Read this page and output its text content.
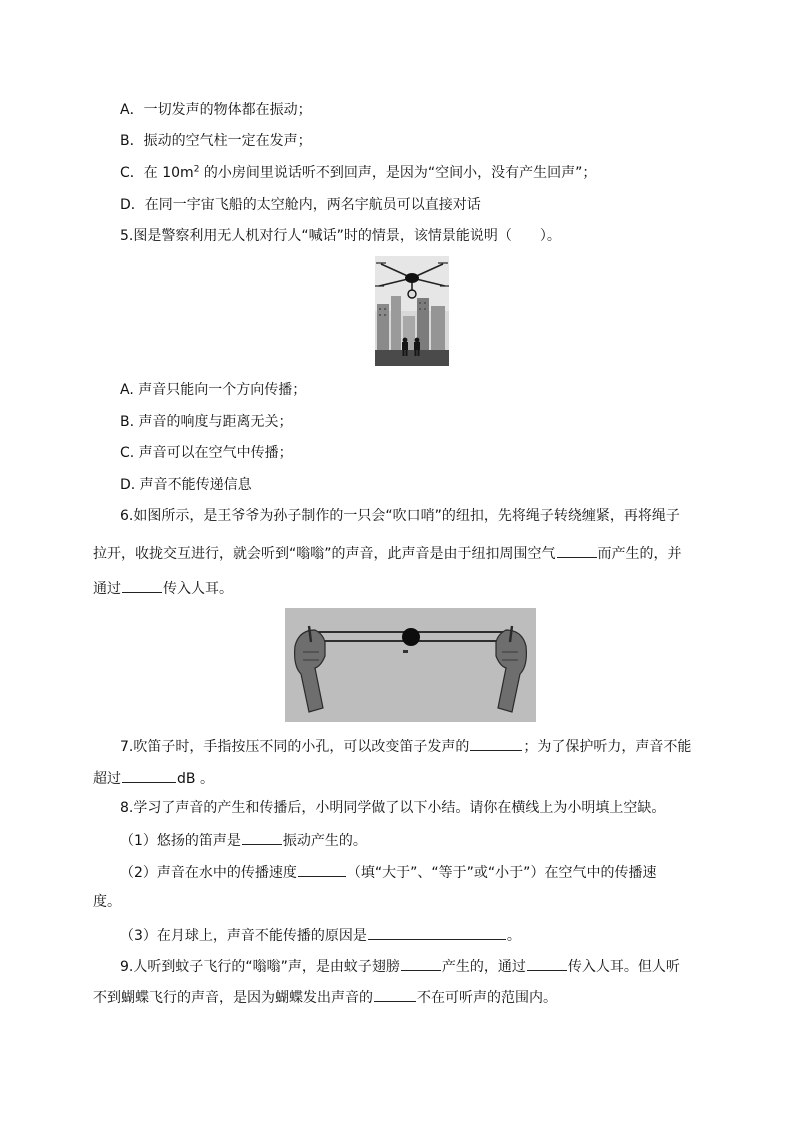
A．一切发声的物体都在振动；
B．振动的空气柱一定在发声；
C．在 $10m^2$ 的小房间里说话听不到回声，是因为“空间小，没有产生回声”；
D．在同一宇宙飞船的太空舱内，两名宇航员可以直接对话
5.图是警察利用无人机对行人“喊话”时的情景，该情景能说明（　　）。
A. 声音只能向一个方向传播；
B. 声音的响度与距离无关；
C. 声音可以在空气中传播；
D. 声音不能传递信息
6.如图所示，是王爷爷为孙子制作的一只会“吹口哨”的纽扣，先将绳子转绕缠紧，再将绳子
拉开，收拢交互进行，就会听到“嗡嗡”的声音，此声音是由于纽扣周围空气	而产生的，并
通过	传入人耳。
7.吹笛子时，手指按压不同的小孔，可以改变笛子发声的	；为了保护听力，声音不能
超过	dB 。
8.学习了声音的产生和传播后，小明同学做了以下小结。请你在横线上为小明填上空缺。
（1）悠扬的笛声是	振动产生的。
（2）声音在水中的传播速度	（填“大于”、“等于”或“小于”）在空气中的传播速
度。
（3）在月球上，声音不能传播的原因是	。
9.人听到蚊子飞行的“嗡嗡”声，是由蚊子翅膀	产生的，通过	传入人耳。但人听
不到蝴蝶飞行的声音，是因为蝴蝶发出声音的	不在可听声的范围内。
